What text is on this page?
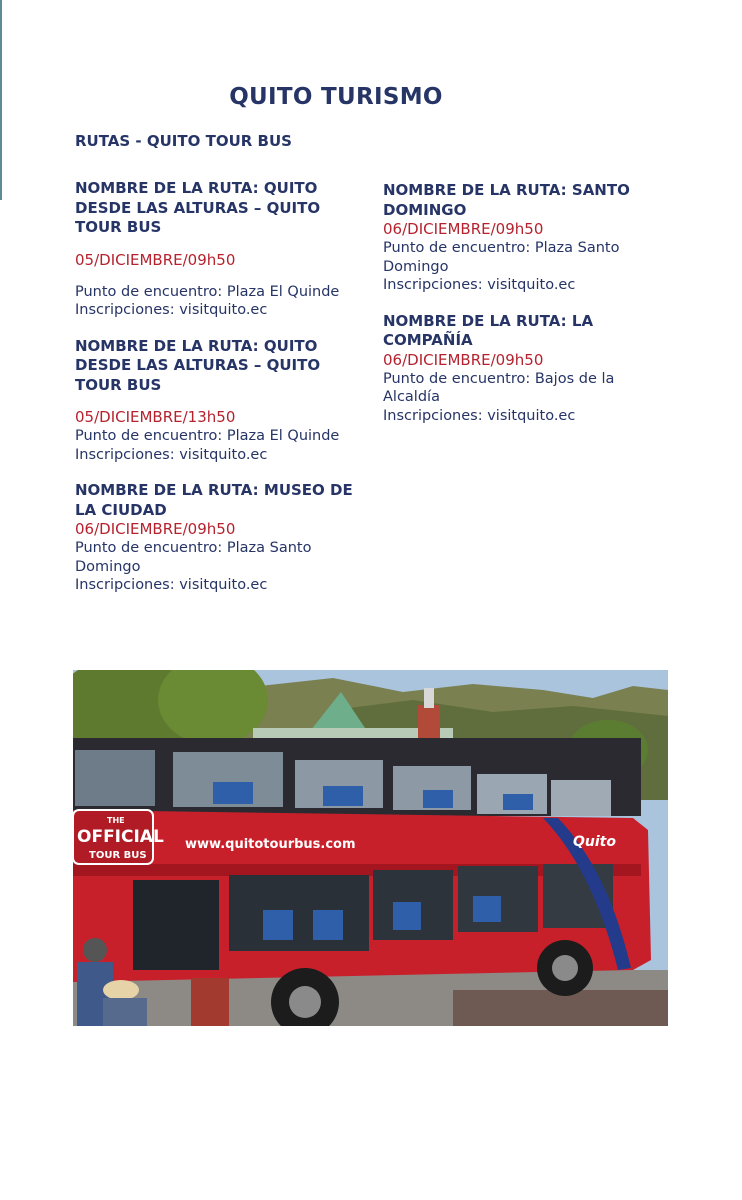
QUITO TURISMO
RUTAS - QUITO TOUR BUS
NOMBRE DE LA RUTA: QUITO DESDE LAS ALTURAS – QUITO TOUR BUS
05/DICIEMBRE/09h50
Punto de encuentro: Plaza El Quinde
Inscripciones: visitquito.ec
NOMBRE DE LA RUTA: QUITO DESDE LAS ALTURAS – QUITO TOUR BUS
05/DICIEMBRE/13h50
Punto de encuentro: Plaza El Quinde
Inscripciones: visitquito.ec
NOMBRE DE LA RUTA: MUSEO DE LA CIUDAD
06/DICIEMBRE/09h50
Punto de encuentro: Plaza Santo Domingo
Inscripciones: visitquito.ec
NOMBRE DE LA RUTA: SANTO DOMINGO
06/DICIEMBRE/09h50
Punto de encuentro: Plaza Santo Domingo
Inscripciones: visitquito.ec
NOMBRE DE LA RUTA: LA COMPAÑÍA
06/DICIEMBRE/09h50
Punto de encuentro: Bajos de la Alcaldía
Inscripciones: visitquito.ec
THE
OFFICIAL
TOUR BUS
www.quitotourbus.com	Quito
